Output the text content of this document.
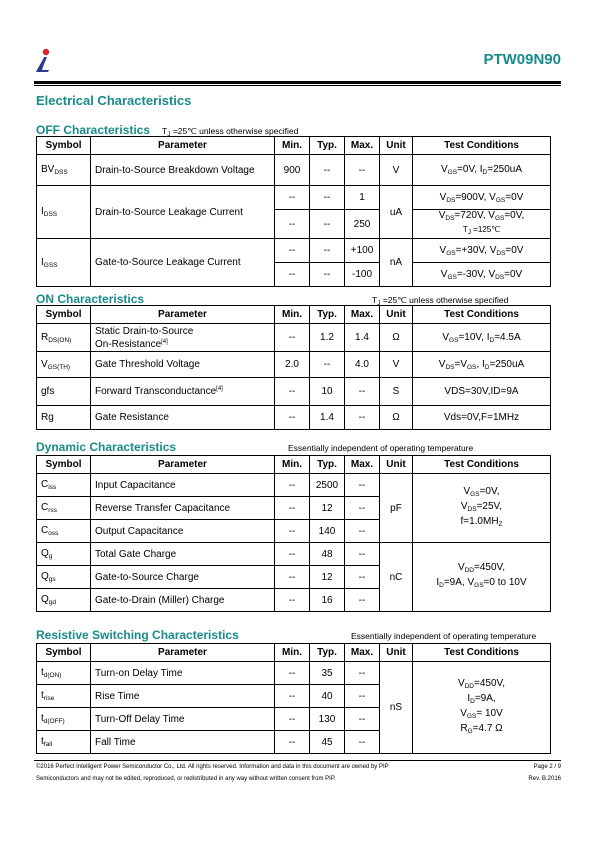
PTW09N90
Electrical Characteristics
OFF Characteristics $T_J$ =25℃ unless otherwise specified
Symbol	Parameter	Min.	Typ.	Max.	Unit	Test Conditions
$BV_{DSS}$	Drain-to-Source Breakdown Voltage	900	--	--	V	$V_{GS}=0V$, $I_D=250uA$
$I_{DSS}$	Drain-to-Source Leakage Current	--	--	1	uA	$V_{DS}=900V$, $V_{GS}=0V$
		--	--	250		$V_{DS}=720V$, $V_{GS}=0V$,
$T_J$ =125℃
$I_{GSS}$	Gate-to-Source Leakage Current	--	--	+100	nA	$V_{GS}=+30V$, $V_{DS}=0V$
		--	--	-100		$V_{GS}=-30V$, $V_{DS}=0V$
ON Characteristics	$T_J$ =25℃ unless otherwise specified
Symbol	Parameter	Min.	Typ.	Max.	Unit	Test Conditions
$R_{DS(ON)}$	Static Drain-to-Source
On-Resistance[4]	--	1.2	1.4	Ω	$V_{GS}=10V$, $I_D=4.5A$
$V_{GS(TH)}$	Gate Threshold Voltage	2.0	--	4.0	V	$V_{DS}=V_{GS}$, $I_D=250uA$
gfs	Forward Transconductance[4]	--	10	--	S	VDS=30V,ID=9A
Rg	Gate Resistance	--	1.4	--	Ω	Vds=0V,F=1MHz
Dynamic Characteristics	Essentially independent of operating temperature
Symbol	Parameter	Min.	Typ.	Max.	Unit	Test Conditions
$C_{iss}$	Input Capacitance	--	2500	--	pF	$V_{GS}=0V$,
$V_{DS}=25V$,
$f=1.0MH_Z$
$C_{rss}$	Reverse Transfer Capacitance	--	12	--		
$C_{oss}$	Output Capacitance	--	140	--		
$Q_g$	Total Gate Charge	--	48	--	nC	$V_{DD}=450V$,
$I_D=9A$, $V_{GS}=0$ to 10V
$Q_{gs}$	Gate-to-Source Charge	--	12	--		
$Q_{gd}$	Gate-to-Drain (Miller) Charge	--	16	--		
Resistive Switching Characteristics	Essentially independent of operating temperature
Symbol	Parameter	Min.	Typ.	Max.	Unit	Test Conditions
$t_{d(ON)}$	Turn-on Delay Time	--	35	--	nS	$V_{DD}=450V$,
$I_D=9A$,
$V_{GS}= 10V$
$R_G=4.7$ Ω
$t_{rise}$	Rise Time	--	40	--		
$t_{d(OFF)}$	Turn-Off Delay Time	--	130	--		
$t_{fall}$	Fall Time	--	45	--		
©2016 Perfect Intelligent Power Semiconductor Co., Ltd. All rights reserved. Information and data in this document are owned by PIP
Semiconductors and may not be edited, reproduced, or redistributed in any way without written consent from PIP.
Page 2 / 9
Rev. B.2016
